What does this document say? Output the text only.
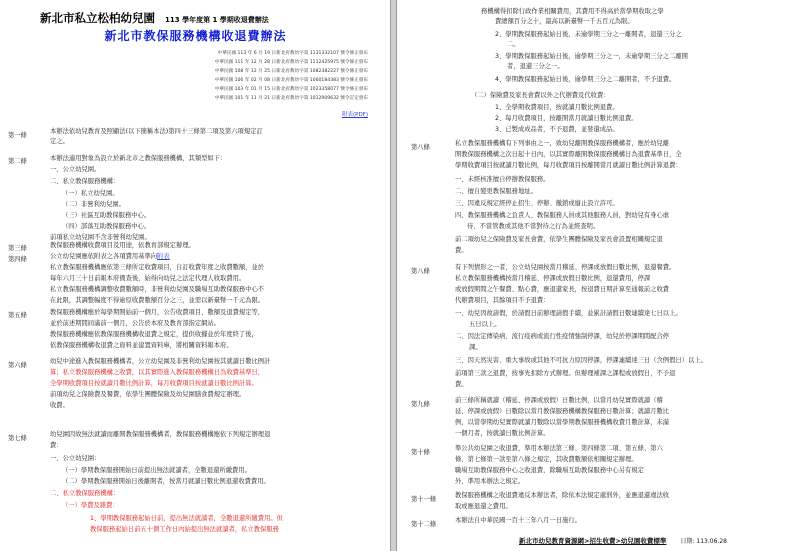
新北市私立松柏幼兒園 113 學年度第 1 學期收退費辦法
新北市教保服務機構收退費辦法
中華民國 113 年 6 月 19 日新北府教幼字第 1131332107 號令修正發布
中華民國 111 年 12 月 28 日新北府教幼字第 1112425975 號令修正發布
中華民國 108 年 12 月 25 日新北府教幼字第 1082382227 號令修正發布
中華民國 106 年 02 月 08 日新北府教幼字第 1060184383 號令修正發布
中華民國 103 年 01 月 15 日新北府教幼字第 1023358077 號令修正發布
中華民國 101 年 11 月 21 日新北府教幼字第 1012909632 號令訂定發布
附表(PDF)
第一條
本辦法依幼兒教育及照顧法(以下簡稱本法)第四十三條第二項及第六項規定訂
定之。
第二條	本辦法適用對象為設立於新北市之教保服務機構，其類型如下：
一、公立幼兒園。
二、私立教保服務機構：
（一）私立幼兒園。
（二）非營利幼兒園。
（三）社區互助教保服務中心。
（四）部落互助教保服務中心。
前項私立幼兒園不含非營利幼兒園。
第三條	教保服務機構收費項目及用途，依教育部規定辦理。
第四條	公立幼兒園應依附表之各項費用基準向附表
私立教保服務機構應依第三條所定收費項目，自訂收費年度之收費數額，並於
每年六月三十日前報本府備查後，始得向幼兒之法定代理人收取費用。
私立教保服務機構調整收費數額時，非營利幼兒園及職場互助教保服務中心不
在此限，其調整幅度不得逾原收費數額百分之三，並需以新臺幣一千元為限。
第五條	教保服務機構應於每學期開始前一個月，公告收費項目、數額及退費規定等，
並於前述期間屆滿前一個月，公告於本府及教育部指定網站。
教保服務機構應依教保服務機構收退費之規定，提供收據並於年度終了後，
依教保服務機構收退費之資料並建置資料庫，將相關資料報本府。
第六條
幼兒中途進入教保服務機構者，公立幼兒園及非營利幼兒園按其就讀日數比例計
算；私立教保服務機構之收費，以其實際進入教保服務機構日為收費基準日，
全學期收費項目按就讀月數比例計算，每月收費項目按就讀日數比例計算。
前項幼兒之保險費及餐費，依學生團體保險及幼兒園膳食費規定辦理。
收費。
第七條
幼兒園因故無法就讀而離開教保服務機構者，教保服務機構應依下列規定辦理退
費：
一、公立幼兒園：
（一）學期教保服務開始日前提出無法就讀者，全數退還所繳費用。
（二）學期教保服務開始日後離開者，按當月就讀日數比例退還收費費用。
二、私立教保服務機構：
（一）學費及雜費：
1、學期教保服務起始日前，提出無法就讀者，全數退還所繳費用。但
教保服務起始日前五十個工作日內始提出無法就讀者，私立教保服務
務機構得扣除行政作業相關費用，其費用不得高於當學期收取之學
費總額百分之十，最高以新臺幣一千五百元為限。
2、學期教保服務起始日後，未逾學期三分之一離開者，退還三分之
二。
3、學期教保服務起始日後，逾學期三分之一，未逾學期三分之二離開
者，退還三分之一。
4、學期教保服務起始日後，逾學期三分之二離開者，不予退費。
（二）保險費及家長會費以外之代辦費及代收費：
1、全學期收費項目，按就讀月數比例退費。
2、每月收費項目，按離開當月就讀日數比例退費。
3、已製成成品者，不予退費，並發還成品。
第八條
私立教保服務機構有下列事由之一，致幼兒離開教保服務機構者，應於幼兒離
開教保服務機構之次日起十日內，以其實際離開教保服務機構日為退費基準日，全
學期收費項目按就讀月數比例，每月收費項目按離開當月就讀日數比例計算退費：
一、未經核准擅自停辦教保服務。
二、擅自變更教保服務地址。
三、因違反規定經停止招生、停辦、撤銷或廢止設立許可。
四、教保服務機構之負責人、教保服務人員或其他服務人員，對幼兒有身心虐
待、不當管教或其他不當對待之行為並經查明。
前二項幼兒之保險費及家長會費，依學生團體保險及家長會設置相關規定退
費。
第八條
有下列情形之一者，公立幼兒園按當月稽延、停課或放假日數比例，退還餐費。
私立教保服務機構按當月稽延、停課或放假日數比例，退還費用，停課
或放假期間之午餐費、點心費，應退還家長，按退費日期計算至通報前之收費
代辦費項目，其餘項目不予退費：
一、幼兒因故請假，於請假日前辦理請假手續，並累計請假日數連續達七日以上。
五日以上。
二、因法定傳染病、流行疫病或流行性疫情強制停課，幼兒於停課期間配合停
課。
三、因天然災害、重大事故或其他不可抗力原因停課，停課連續達三日（含例假日）以上。
前項第三款之退費，按事先扣除方式辦理。但辦理補課之課程或放假日，不予退
費。
第九條
前三條所稱就讀（稽延、停課或放假）日數比例，以當月幼兒實際就讀（稽
延、停課或放假）日數除以當月教保服務機構教保服務日數計算；就讀月數比
例，以當學期幼兒實際就讀月數除以當學期教保服務機構收費月數計算，未滿
一個月者，按就讀日數比例計算。
第十條
準公共幼兒園之收退費，準用本辦法第三條、第四條第二項、第五條、第六
條、第七條第一款至第八條之規定，其收費數額依相關規定辦理。
職場互助教保服務中心之收退費，除職場互助教保服務中心另有規定
外，準用本辦法之規定。
第十一條
教保服務機構之收退費違反本辦法者，除依本法規定處罰外，並應退還違法收
取或應退還之費用。
第十二條
本辦法自中華民國一百十三年八月一日施行。
新北市幼兒教育資源網>招生收費>幼兒園收費標準 日期: 113.06.28
